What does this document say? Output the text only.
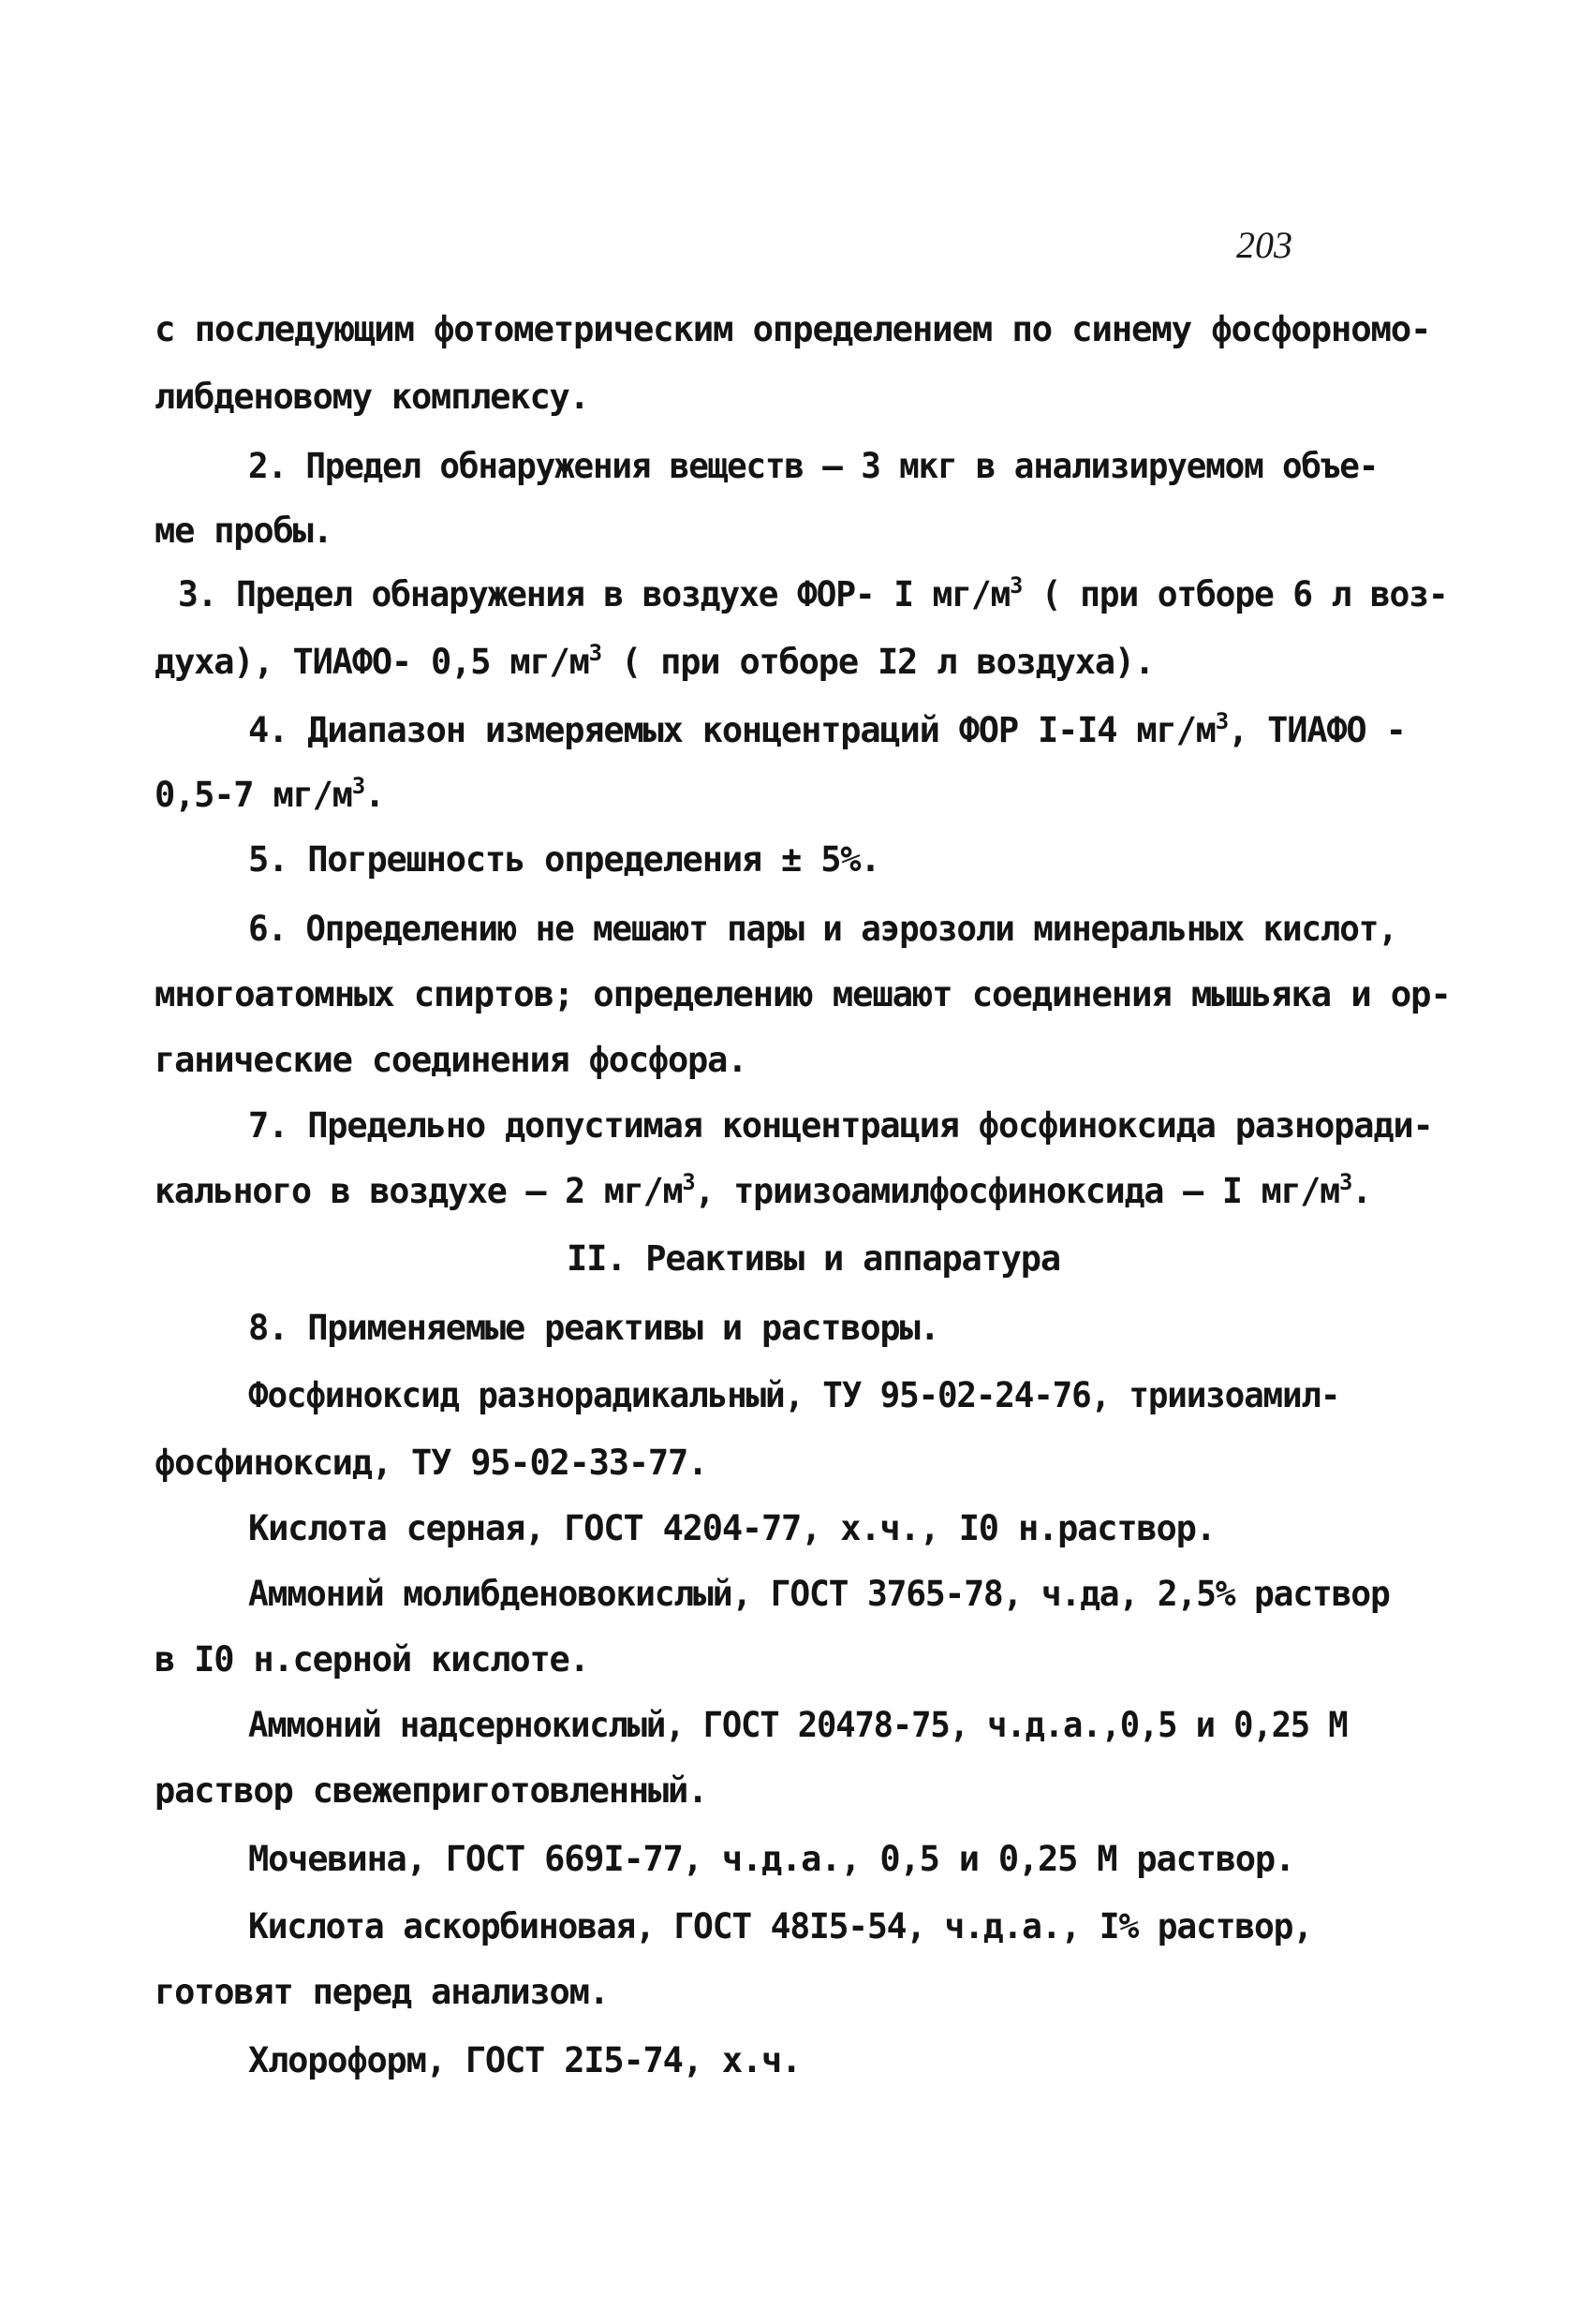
203
с последующим фотометрическим определением по синему фосфорномо-
либденовому комплексу.
2. Предел обнаружения веществ – 3 мкг в анализируемом объе-
ме пробы.
3. Предел обнаружения в воздухе ФОР- I $мг/м^3$ ( при отборе 6 л воз-
духа), ТИАФО- 0,5 $мг/м^3$ ( при отборе I2 л воздуха).
4. Диапазон измеряемых концентраций ФОР I-I4 $мг/м^3$, ТИАФО -
0,5-7 $мг/м^3$.
5. Погрешность определения ± 5%.
6. Определению не мешают пары и аэрозоли минеральных кислот,
многоатомных спиртов; определению мешают соединения мышьяка и ор-
ганические соединения фосфора.
7. Предельно допустимая концентрация фосфиноксида разноради-
кального в воздухе – 2 $мг/м^3$, триизоамилфосфиноксида – I $мг/м^3$.
II. Реактивы и аппаратура
8. Применяемые реактивы и растворы.
Фосфиноксид разнорадикальный, ТУ 95-02-24-76, триизоамил-
фосфиноксид, ТУ 95-02-33-77.
Кислота серная, ГОСТ 4204-77, х.ч., I0 н.раствор.
Аммоний молибденовокислый, ГОСТ 3765-78, ч.да, 2,5% раствор
в I0 н.серной кислоте.
Аммоний надсернокислый, ГОСТ 20478-75, ч.д.а.,0,5 и 0,25 М
раствор свежеприготовленный.
Мочевина, ГОСТ 669I-77, ч.д.а., 0,5 и 0,25 М раствор.
Кислота аскорбиновая, ГОСТ 48I5-54, ч.д.а., I% раствор,
готовят перед анализом.
Хлороформ, ГОСТ 2I5-74, х.ч.
